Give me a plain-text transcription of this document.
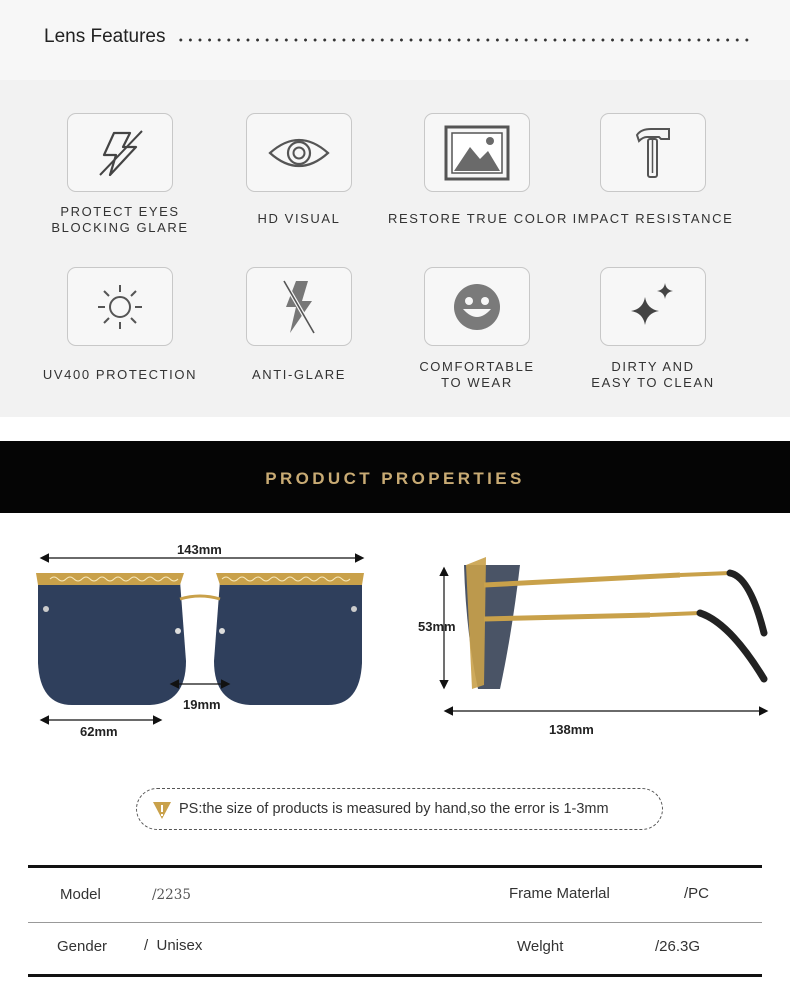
Lens Features
PROTECT EYES
BLOCKING GLARE
HD VISUAL	RESTORE TRUE COLOR IMPACT RESISTANCE
UV400 PROTECTION	ANTI-GLARE
COMFORTABLE
TO WEAR
DIRTY AND
EASY TO CLEAN
PRODUCT PROPERTIES
143mm
19mm
62mm
53mm
138mm
PS:the size of products is measured by hand,so the error is 1-3mm
Model	/2235	Frame Materlal	/PC
Gender /  Unisex	Welght	/26.3G
